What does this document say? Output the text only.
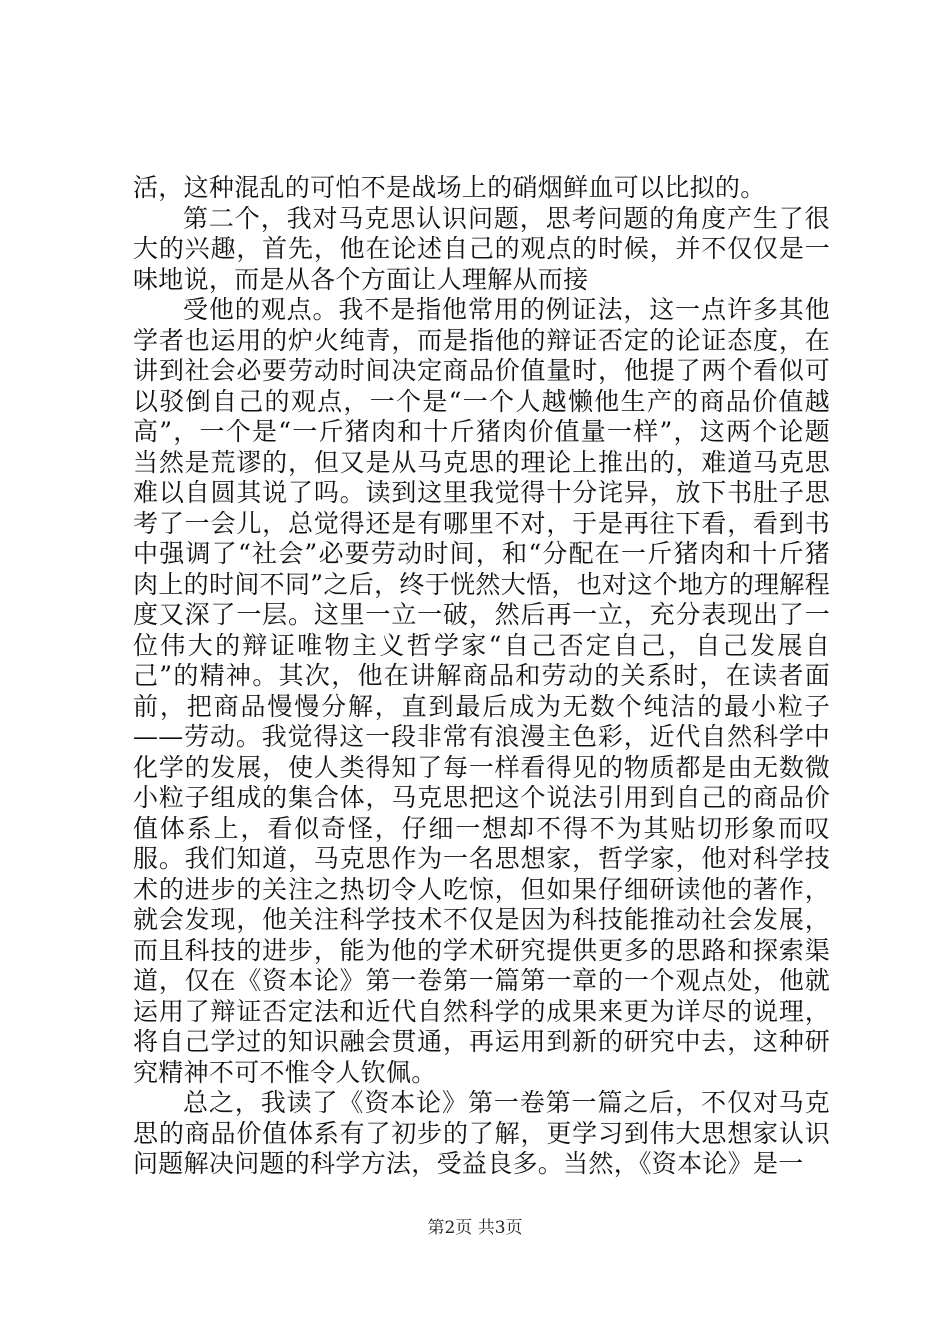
活，这种混乱的可怕不是战场上的硝烟鲜血可以比拟的。

第二个，我对马克思认识问题，思考问题的角度产生了很大的兴趣，首先，他在论述自己的观点的时候，并不仅仅是一味地说，而是从各个方面让人理解从而接

受他的观点。我不是指他常用的例证法，这一点许多其他学者也运用的炉火纯青，而是指他的辩证否定的论证态度，在讲到社会必要劳动时间决定商品价值量时，他提了两个看似可以驳倒自己的观点，一个是“一个人越懒他生产的商品价值越高”，一个是“一斤猪肉和十斤猪肉价值量一样”，这两个论题当然是荒谬的，但又是从马克思的理论上推出的，难道马克思难以自圆其说了吗。读到这里我觉得十分诧异，放下书肚子思考了一会儿，总觉得还是有哪里不对，于是再往下看，看到书中强调了“社会”必要劳动时间，和“分配在一斤猪肉和十斤猪肉上的时间不同”之后，终于恍然大悟，也对这个地方的理解程度又深了一层。这里一立一破，然后再一立，充分表现出了一位伟大的辩证唯物主义哲学家“自己否定自己，自己发展自己”的精神。其次，他在讲解商品和劳动的关系时，在读者面前，把商品慢慢分解，直到最后成为无数个纯洁的最小粒子——劳动。我觉得这一段非常有浪漫主色彩，近代自然科学中化学的发展，使人类得知了每一样看得见的物质都是由无数微小粒子组成的集合体，马克思把这个说法引用到自己的商品价值体系上，看似奇怪，仔细一想却不得不为其贴切形象而叹服。我们知道，马克思作为一名思想家，哲学家，他对科学技术的进步的关注之热切令人吃惊，但如果仔细研读他的著作，就会发现，他关注科学技术不仅是因为科技能推动社会发展，而且科技的进步，能为他的学术研究提供更多的思路和探索渠道，仅在《资本论》第一卷第一篇第一章的一个观点处，他就运用了辩证否定法和近代自然科学的成果来更为详尽的说理，将自己学过的知识融会贯通，再运用到新的研究中去，这种研究精神不可不惟令人钦佩。

总之，我读了《资本论》第一卷第一篇之后，不仅对马克思的商品价值体系有了初步的了解，更学习到伟大思想家认识问题解决问题的科学方法，受益良多。当然，《资本论》是一

第2页 共3页
